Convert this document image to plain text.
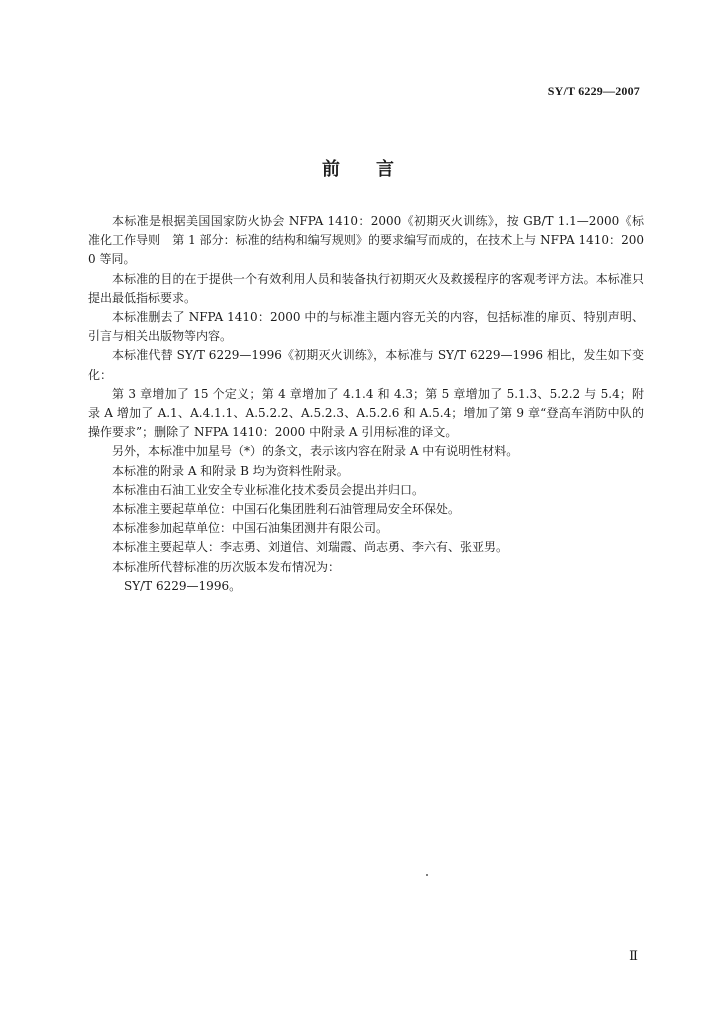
SY/T 6229—2007
前言

本标准是根据美国国家防火协会 NFPA 1410：2000《初期灭火训练》，按 GB/T 1.1—2000《标准化工作导则　第 1 部分：标准的结构和编写规则》的要求编写而成的，在技术上与 NFPA 1410：2000 等同。

本标准的目的在于提供一个有效利用人员和装备执行初期灭火及救援程序的客观考评方法。本标准只提出最低指标要求。

本标准删去了 NFPA 1410：2000 中的与标准主题内容无关的内容，包括标准的扉页、特别声明、引言与相关出版物等内容。

本标准代替 SY/T 6229—1996《初期灭火训练》，本标准与 SY/T 6229—1996 相比，发生如下变化：

第 3 章增加了 15 个定义；第 4 章增加了 4.1.4 和 4.3；第 5 章增加了 5.1.3、5.2.2 与 5.4；附录 A 增加了 A.1、A.4.1.1、A.5.2.2、A.5.2.3、A.5.2.6 和 A.5.4；增加了第 9 章“登高车消防中队的操作要求”；删除了 NFPA 1410：2000 中附录 A 引用标准的译文。

另外，本标准中加星号（*）的条文，表示该内容在附录 A 中有说明性材料。

本标准的附录 A 和附录 B 均为资料性附录。

本标准由石油工业安全专业标准化技术委员会提出并归口。

本标准主要起草单位：中国石化集团胜利石油管理局安全环保处。

本标准参加起草单位：中国石油集团测井有限公司。

本标准主要起草人：李志勇、刘道信、刘瑞霞、尚志勇、李六有、张亚男。

本标准所代替标准的历次版本发布情况为：

SY/T 6229—1996。

Ⅱ
